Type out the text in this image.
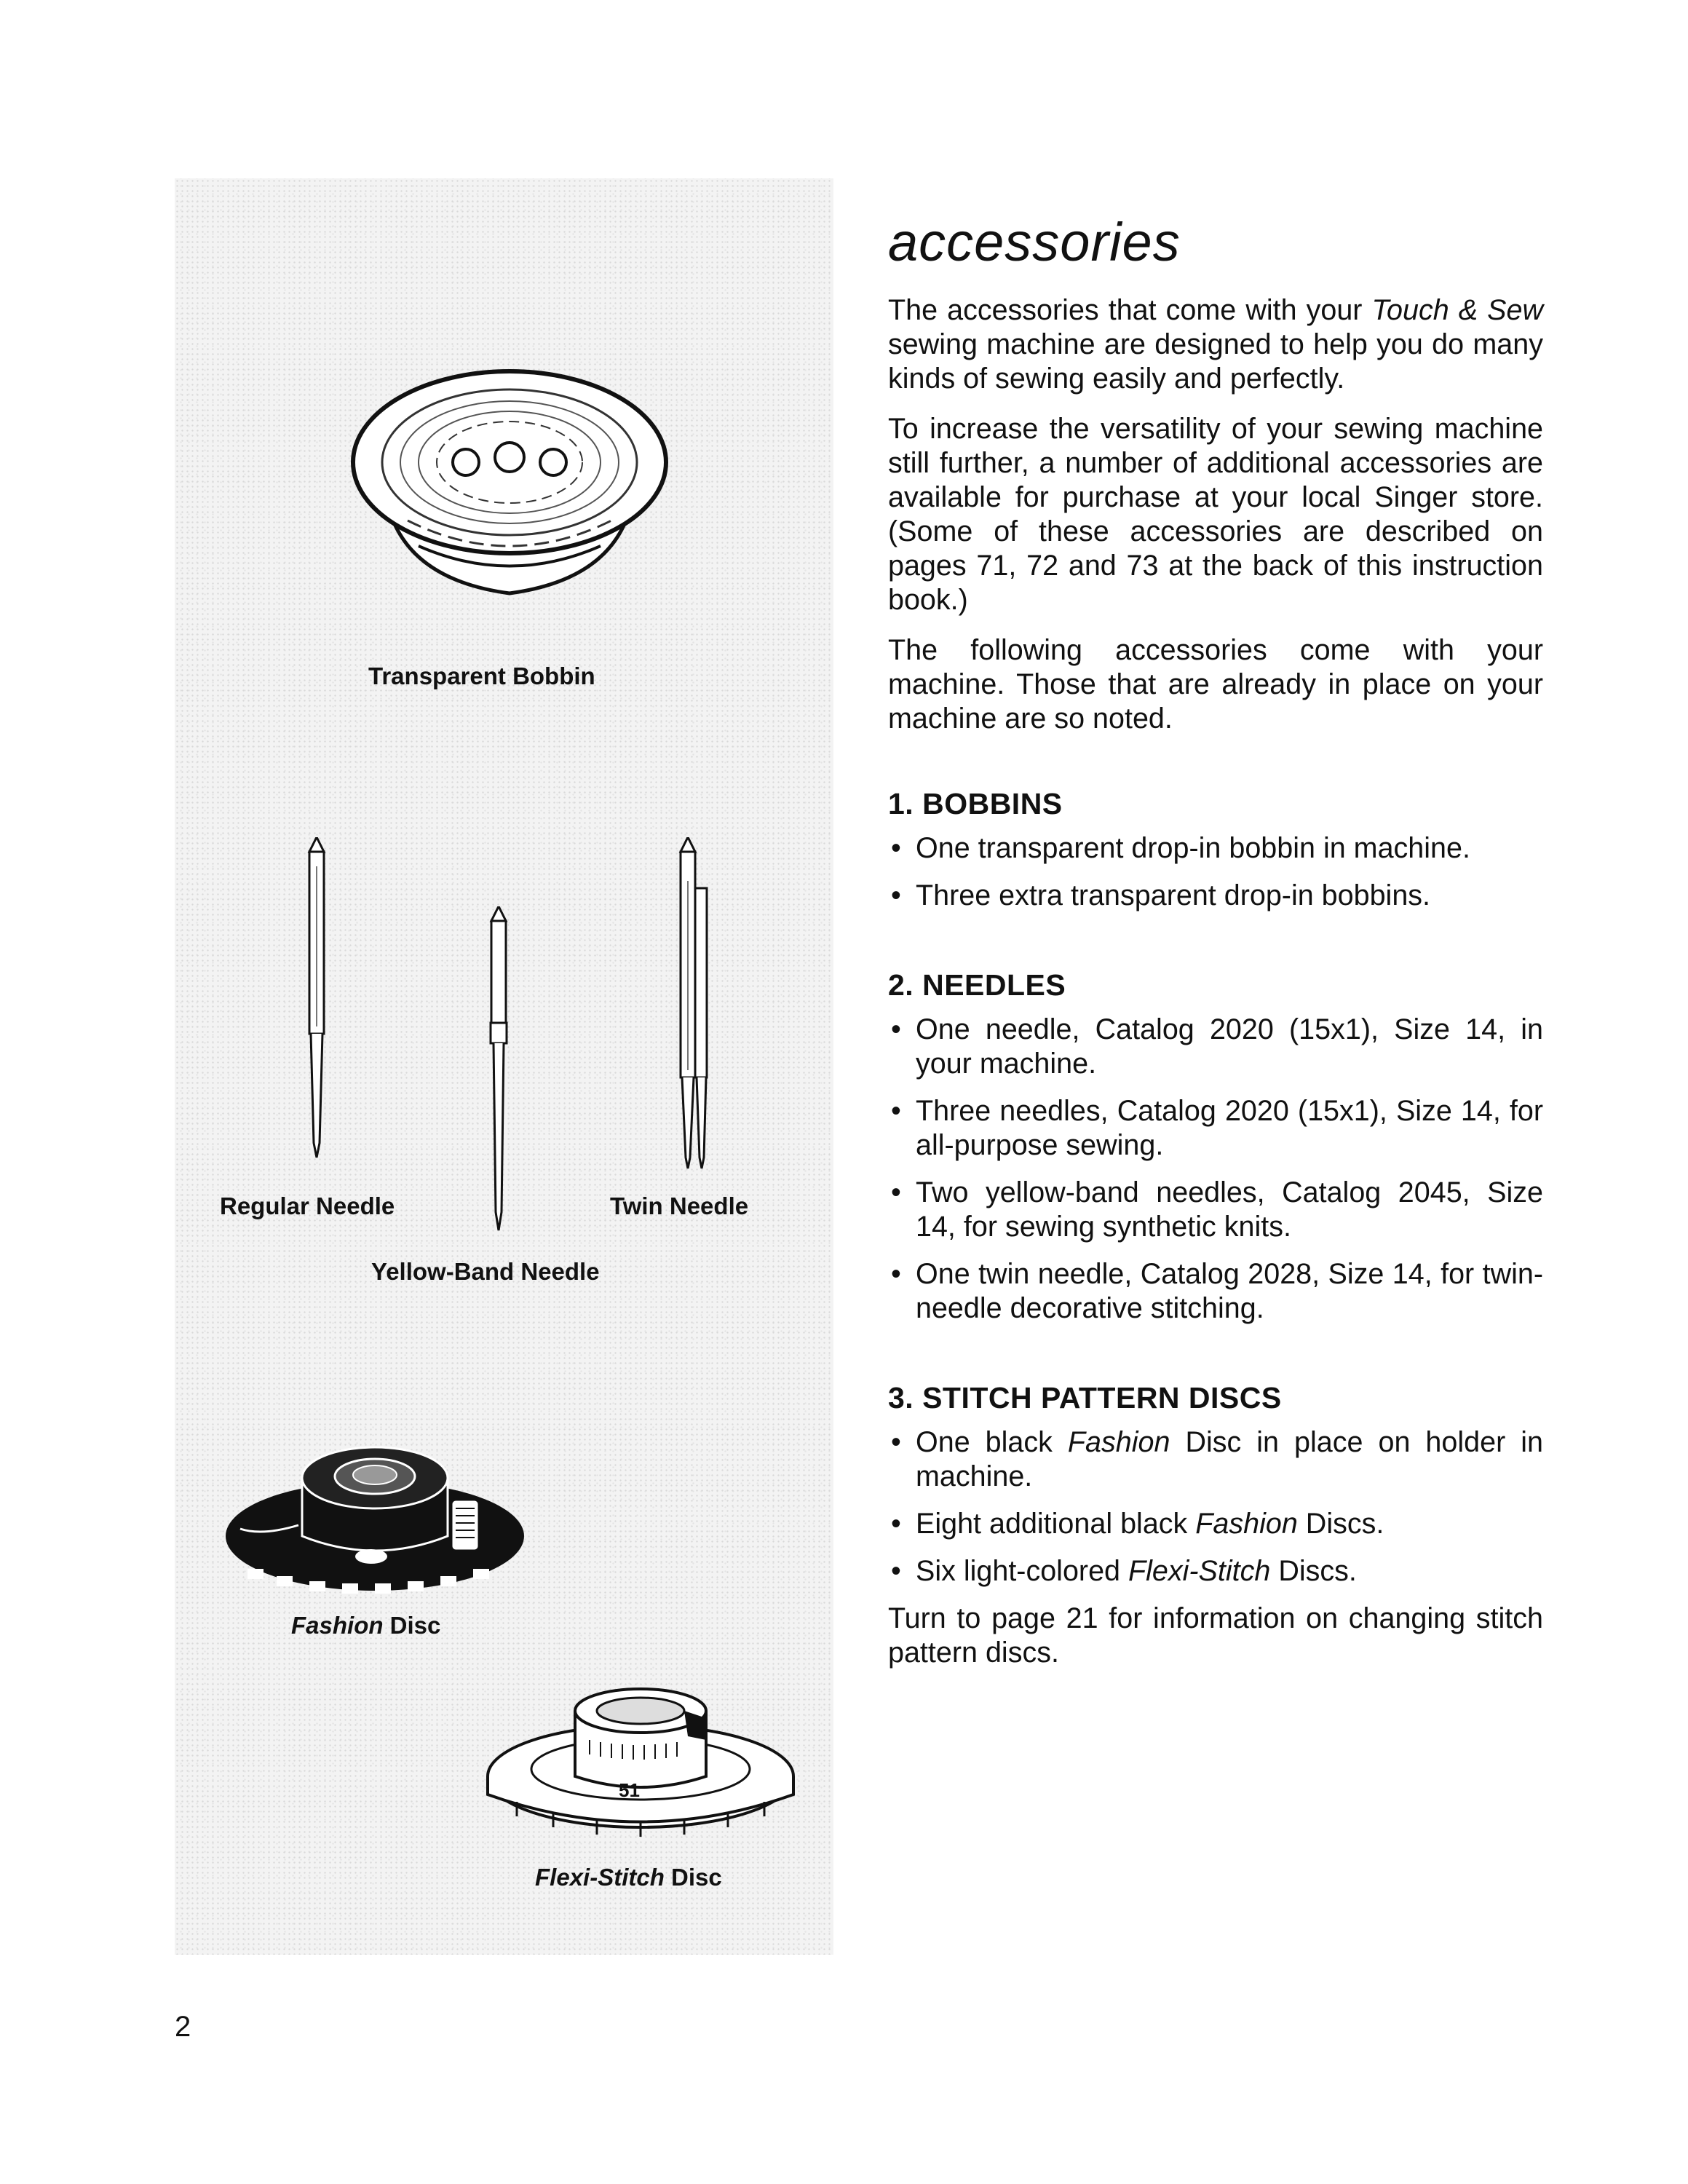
Transparent Bobbin
Regular Needle	Twin Needle
Yellow-Band Needle
Fashion Disc
51
Flexi-Stitch Disc
accessories

The accessories that come with your Touch & Sew sewing machine are designed to help you do many kinds of sewing easily and perfectly.

To increase the versatility of your sewing machine still further, a number of additional accessories are available for purchase at your local Singer store. (Some of these accessories are described on pages 71, 72 and 73 at the back of this instruction book.)

The following accessories come with your machine. Those that are already in place on your machine are so noted.

1. BOBBINS
• One transparent drop-in bobbin in machine.
• Three extra transparent drop-in bobbins.
2. NEEDLES
• One needle, Catalog 2020 (15x1), Size 14, in your machine.
• Three needles, Catalog 2020 (15x1), Size 14, for all-purpose sewing.
• Two yellow-band needles, Catalog 2045, Size 14, for sewing synthetic knits.
• One twin needle, Catalog 2028, Size 14, for twin-needle decorative stitching.
3. STITCH PATTERN DISCS
• One black Fashion Disc in place on holder in machine.
• Eight additional black Fashion Discs.
• Six light-colored Flexi-Stitch Discs.

Turn to page 21 for information on changing stitch pattern discs.

2
